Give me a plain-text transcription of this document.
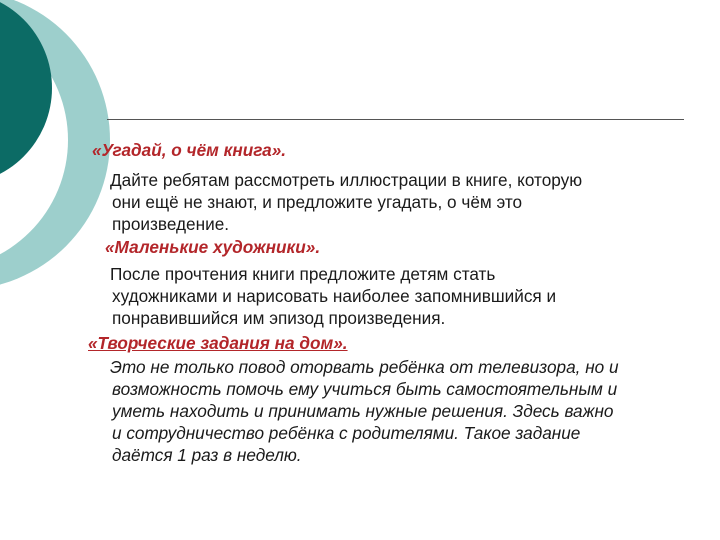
«Угадай, о чём книга».
Дайте ребятам рассмотреть иллюстрации в книге, которую
они ещё не знают, и предложите угадать, о чём это
произведение.
«Маленькие художники».
После прочтения книги предложите детям стать
художниками и нарисовать наиболее запомнившийся и
понравившийся им эпизод произведения.
«Творческие задания на дом».
Это не только повод оторвать ребёнка от телевизора, но и
возможность помочь ему учиться быть самостоятельным и
уметь находить и принимать нужные решения. Здесь важно
и сотрудничество ребёнка с родителями. Такое задание
даётся 1 раз в неделю.
